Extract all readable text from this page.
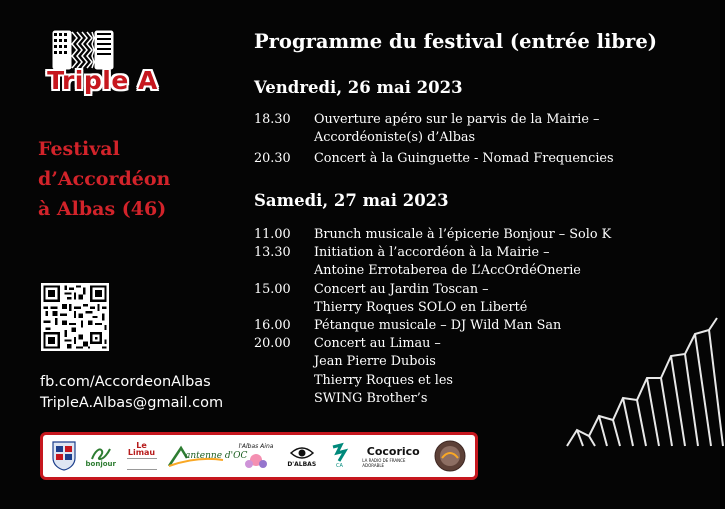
Triple A
Festival
d’Accordéon
à Albas (46)
fb.com/AccordeonAlbas
TripleA.Albas@gmail.com
Programme du festival (entrée libre)
Vendredi, 26 mai 2023
18.30	Ouverture apéro sur le parvis de la Mairie –
Accordéoniste(s) d’Albas
20.30	Concert à la Guinguette - Nomad Frequencies
Samedi, 27 mai 2023
11.00	Brunch musicale à l’épicerie Bonjour – Solo K
13.30	Initiation à l’accordéon à la Mairie –
Antoine Errotaberea de L’AccOrdéOnerie
15.00	Concert au Jardin Toscan –
Thierry Roques SOLO en Liberté
16.00	Pétanque musicale – DJ Wild Man San
20.00	Concert au Limau –
Jean Pierre Dubois
Thierry Roques et les
SWING Brother’s
bonjour
Le Limau	antenne d'OC
l'Albas Aina
D'ALBAS	CA
Cocorico
LA RADIO DE FRANCE ADORABLE
